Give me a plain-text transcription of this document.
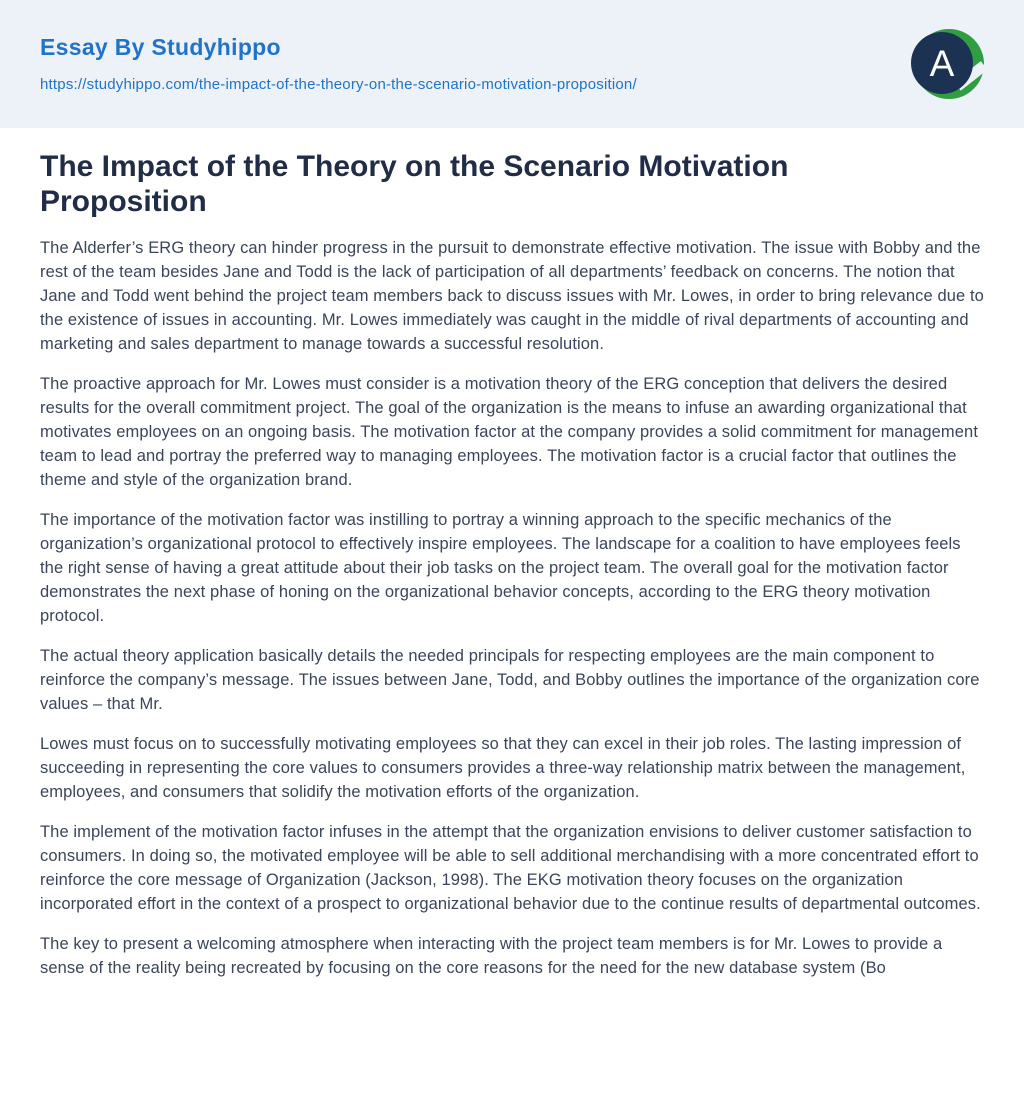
Essay By Studyhippo
https://studyhippo.com/the-impact-of-the-theory-on-the-scenario-motivation-proposition/
A
The Impact of the Theory on the Scenario Motivation Proposition

The Alderfer’s ERG theory can hinder progress in the pursuit to demonstrate effective motivation. The issue with Bobby and the rest of the team besides Jane and Todd is the lack of participation of all departments’ feedback on concerns. The notion that Jane and Todd went behind the project team members back to discuss issues with Mr. Lowes, in order to bring relevance due to the existence of issues in accounting. Mr. Lowes immediately was caught in the middle of rival departments of accounting and marketing and sales department to manage towards a successful resolution.

The proactive approach for Mr. Lowes must consider is a motivation theory of the ERG conception that delivers the desired results for the overall commitment project. The goal of the organization is the means to infuse an awarding organizational that motivates employees on an ongoing basis. The motivation factor at the company provides a solid commitment for management team to lead and portray the preferred way to managing employees. The motivation factor is a crucial factor that outlines the theme and style of the organization brand.

The importance of the motivation factor was instilling to portray a winning approach to the specific mechanics of the organization’s organizational protocol to effectively inspire employees. The landscape for a coalition to have employees feels the right sense of having a great attitude about their job tasks on the project team. The overall goal for the motivation factor demonstrates the next phase of honing on the organizational behavior concepts, according to the ERG theory motivation protocol.

The actual theory application basically details the needed principals for respecting employees are the main component to reinforce the company’s message. The issues between Jane, Todd, and Bobby outlines the importance of the organization core values – that Mr.

Lowes must focus on to successfully motivating employees so that they can excel in their job roles. The lasting impression of succeeding in representing the core values to consumers provides a three-way relationship matrix between the management, employees, and consumers that solidify the motivation efforts of the organization.

The implement of the motivation factor infuses in the attempt that the organization envisions to deliver customer satisfaction to consumers. In doing so, the motivated employee will be able to sell additional merchandising with a more concentrated effort to reinforce the core message of Organization (Jackson, 1998). The EKG motivation theory focuses on the organization incorporated effort in the context of a prospect to organizational behavior due to the continue results of departmental outcomes.

The key to present a welcoming atmosphere when interacting with the project team members is for Mr. Lowes to provide a sense of the reality being recreated by focusing on the core reasons for the need for the new database system (Bo
